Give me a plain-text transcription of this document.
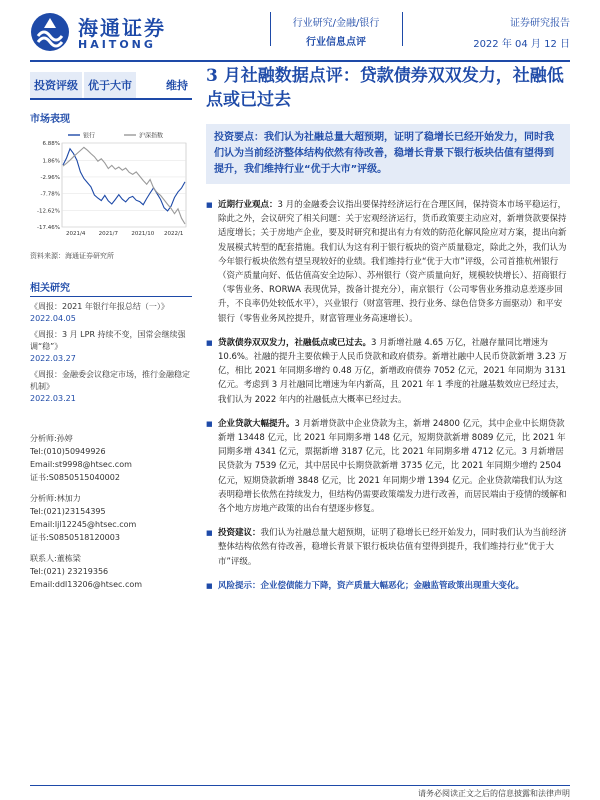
海通证券
HAITONG
行业研究/金融/银行
行业信息点评
证券研究报告
2022 年 04 月 12 日
投资评级 优于大市	维持
市场表现
银行	沪深指数
6.88%
1.86%
-2.96%
-7.78%
-12.62%
-17.46%
2021/4 2021/7 2021/10 2022/1
资料来源：海通证券研究所
相关研究
《周报：2021 年银行年报总结（一）》
2022.04.05
《周报：3 月 LPR 持续不变，国常会继续强调“稳”》
2022.03.27
《周报：金融委会议稳定市场，推行金融稳定机制》
2022.03.21
分析师:孙婷
Tel:(010)50949926
Email:st9998@htsec.com
证书:S0850515040002
分析师:林加力
Tel:(021)23154395
Email:ljl12245@htsec.com
证书:S0850518120003
联系人:董栋梁
Tel:(021) 23219356
Email:ddl13206@htsec.com
3 月社融数据点评：贷款债券双双发力，社融低点或已过去
投资要点：我们认为社融总量大超预期，证明了稳增长已经开始发力，同时我们认为当前经济整体结构依然有待改善，稳增长背景下银行板块估值有望得到提升，我们维持行业“优于大市”评级。
■ 近期行业观点：3 月的金融委会议指出要保持经济运行在合理区间，保持资本市场平稳运行，除此之外，会议研究了相关问题：关于宏观经济运行，货币政策要主动应对，新增贷款要保持适度增长；关于房地产企业，要及时研究和提出有力有效的防范化解风险应对方案，提出向新发展模式转型的配套措施。我们认为这有利于银行板块的资产质量稳定，除此之外，我们认为今年银行板块依然有望呈现较好的业绩。我们维持行业“优于大市”评级，公司首推杭州银行（资产质量向好、低估值高安全边际）、苏州银行（资产质量向好，规模较快增长）、招商银行（零售业务、RORWA 表现优异，拨备计提充分），南京银行（公司零售业务推动息差逐步回升，不良率仍处较低水平），兴业银行（财富管理、投行业务、绿色信贷多方面驱动）和平安银行（零售业务风控提升，财富管理业务高速增长）。
■ 贷款债券双双发力，社融低点或已过去。3 月新增社融 4.65 万亿，社融存量同比增速为 10.6%。社融的提升主要依赖于人民币贷款和政府债券。新增社融中人民币贷款新增 3.23 万亿，相比 2021 年同期多增约 0.48 万亿，新增政府债券 7052 亿元，2021 年同期为 3131 亿元。考虑到 3 月社融同比增速为年内新高，且 2021 年 1 季度的社融基数效应已经过去，我们认为 2022 年内的社融低点大概率已经过去。
■ 企业贷款大幅提升。3 月新增贷款中企业贷款为主，新增 24800 亿元，其中企业中长期贷款新增 13448 亿元，比 2021 年同期多增 148 亿元，短期贷款新增 8089 亿元，比 2021 年同期多增 4341 亿元，票据新增 3187 亿元，比 2021 年同期多增 4712 亿元。3 月新增居民贷款为 7539 亿元，其中居民中长期贷款新增 3735 亿元，比 2021 年同期少增约 2504 亿元，短期贷款新增 3848 亿元，比 2021 年同期少增 1394 亿元。企业贷款端我们认为这表明稳增长依然在持续发力，但结构仍需要政策端发力进行改善，而居民端由于疫情的缓解和各个地方房地产政策的出台有望逐步修复。
■ 投资建议：我们认为社融总量大超预期，证明了稳增长已经开始发力，同时我们认为当前经济整体结构依然有待改善，稳增长背景下银行板块估值有望得到提升，我们维持行业“优于大市”评级。
■ 风险提示：企业偿债能力下降，资产质量大幅恶化；金融监管政策出现重大变化。
请务必阅读正文之后的信息披露和法律声明
